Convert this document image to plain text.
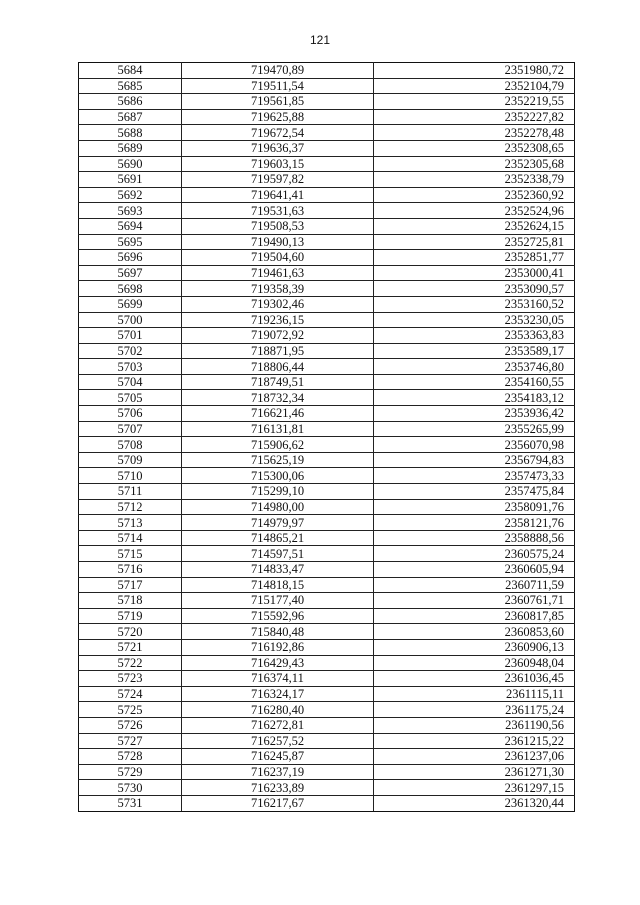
121
5684	719470,89	2351980,72
5685	719511,54	2352104,79
5686	719561,85	2352219,55
5687	719625,88	2352227,82
5688	719672,54	2352278,48
5689	719636,37	2352308,65
5690	719603,15	2352305,68
5691	719597,82	2352338,79
5692	719641,41	2352360,92
5693	719531,63	2352524,96
5694	719508,53	2352624,15
5695	719490,13	2352725,81
5696	719504,60	2352851,77
5697	719461,63	2353000,41
5698	719358,39	2353090,57
5699	719302,46	2353160,52
5700	719236,15	2353230,05
5701	719072,92	2353363,83
5702	718871,95	2353589,17
5703	718806,44	2353746,80
5704	718749,51	2354160,55
5705	718732,34	2354183,12
5706	716621,46	2353936,42
5707	716131,81	2355265,99
5708	715906,62	2356070,98
5709	715625,19	2356794,83
5710	715300,06	2357473,33
5711	715299,10	2357475,84
5712	714980,00	2358091,76
5713	714979,97	2358121,76
5714	714865,21	2358888,56
5715	714597,51	2360575,24
5716	714833,47	2360605,94
5717	714818,15	2360711,59
5718	715177,40	2360761,71
5719	715592,96	2360817,85
5720	715840,48	2360853,60
5721	716192,86	2360906,13
5722	716429,43	2360948,04
5723	716374,11	2361036,45
5724	716324,17	2361115,11
5725	716280,40	2361175,24
5726	716272,81	2361190,56
5727	716257,52	2361215,22
5728	716245,87	2361237,06
5729	716237,19	2361271,30
5730	716233,89	2361297,15
5731	716217,67	2361320,44
